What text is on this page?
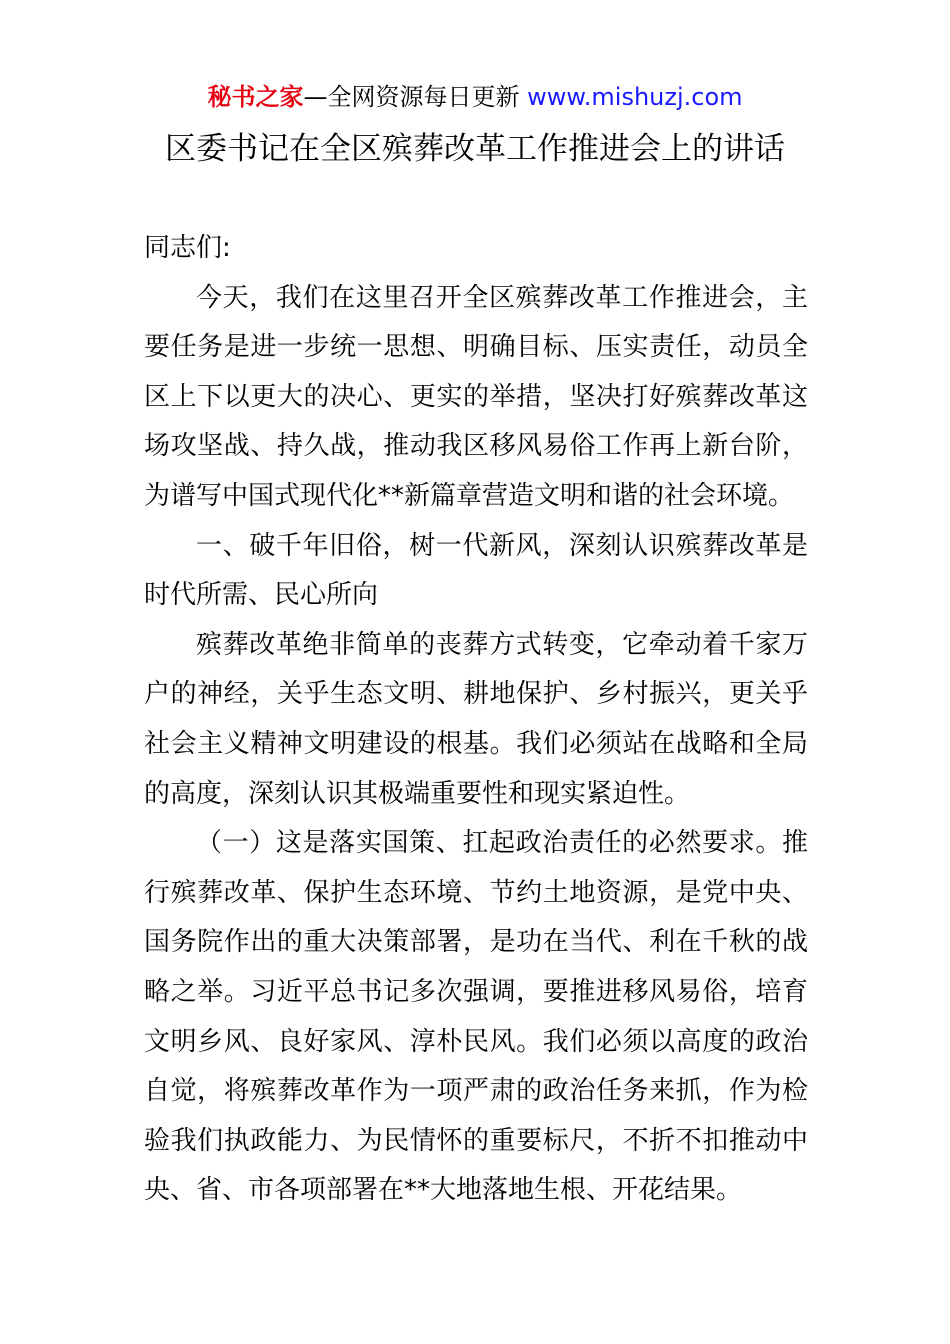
秘书之家—全网资源每日更新 www.mishuzj.com
区委书记在全区殡葬改革工作推进会上的讲话

同志们:

今天，我们在这里召开全区殡葬改革工作推进会，主要任务是进一步统一思想、明确目标、压实责任，动员全区上下以更大的决心、更实的举措，坚决打好殡葬改革这场攻坚战、持久战，推动我区移风易俗工作再上新台阶，为谱写中国式现代化**新篇章营造文明和谐的社会环境。

一、破千年旧俗，树一代新风，深刻认识殡葬改革是时代所需、民心所向

殡葬改革绝非简单的丧葬方式转变，它牵动着千家万户的神经，关乎生态文明、耕地保护、乡村振兴，更关乎社会主义精神文明建设的根基。我们必须站在战略和全局的高度，深刻认识其极端重要性和现实紧迫性。

（一）这是落实国策、扛起政治责任的必然要求。推行殡葬改革、保护生态环境、节约土地资源，是党中央、国务院作出的重大决策部署，是功在当代、利在千秋的战略之举。习近平总书记多次强调，要推进移风易俗，培育文明乡风、良好家风、淳朴民风。我们必须以高度的政治自觉，将殡葬改革作为一项严肃的政治任务来抓，作为检验我们执政能力、为民情怀的重要标尺，不折不扣推动中央、省、市各项部署在**大地落地生根、开花结果。
